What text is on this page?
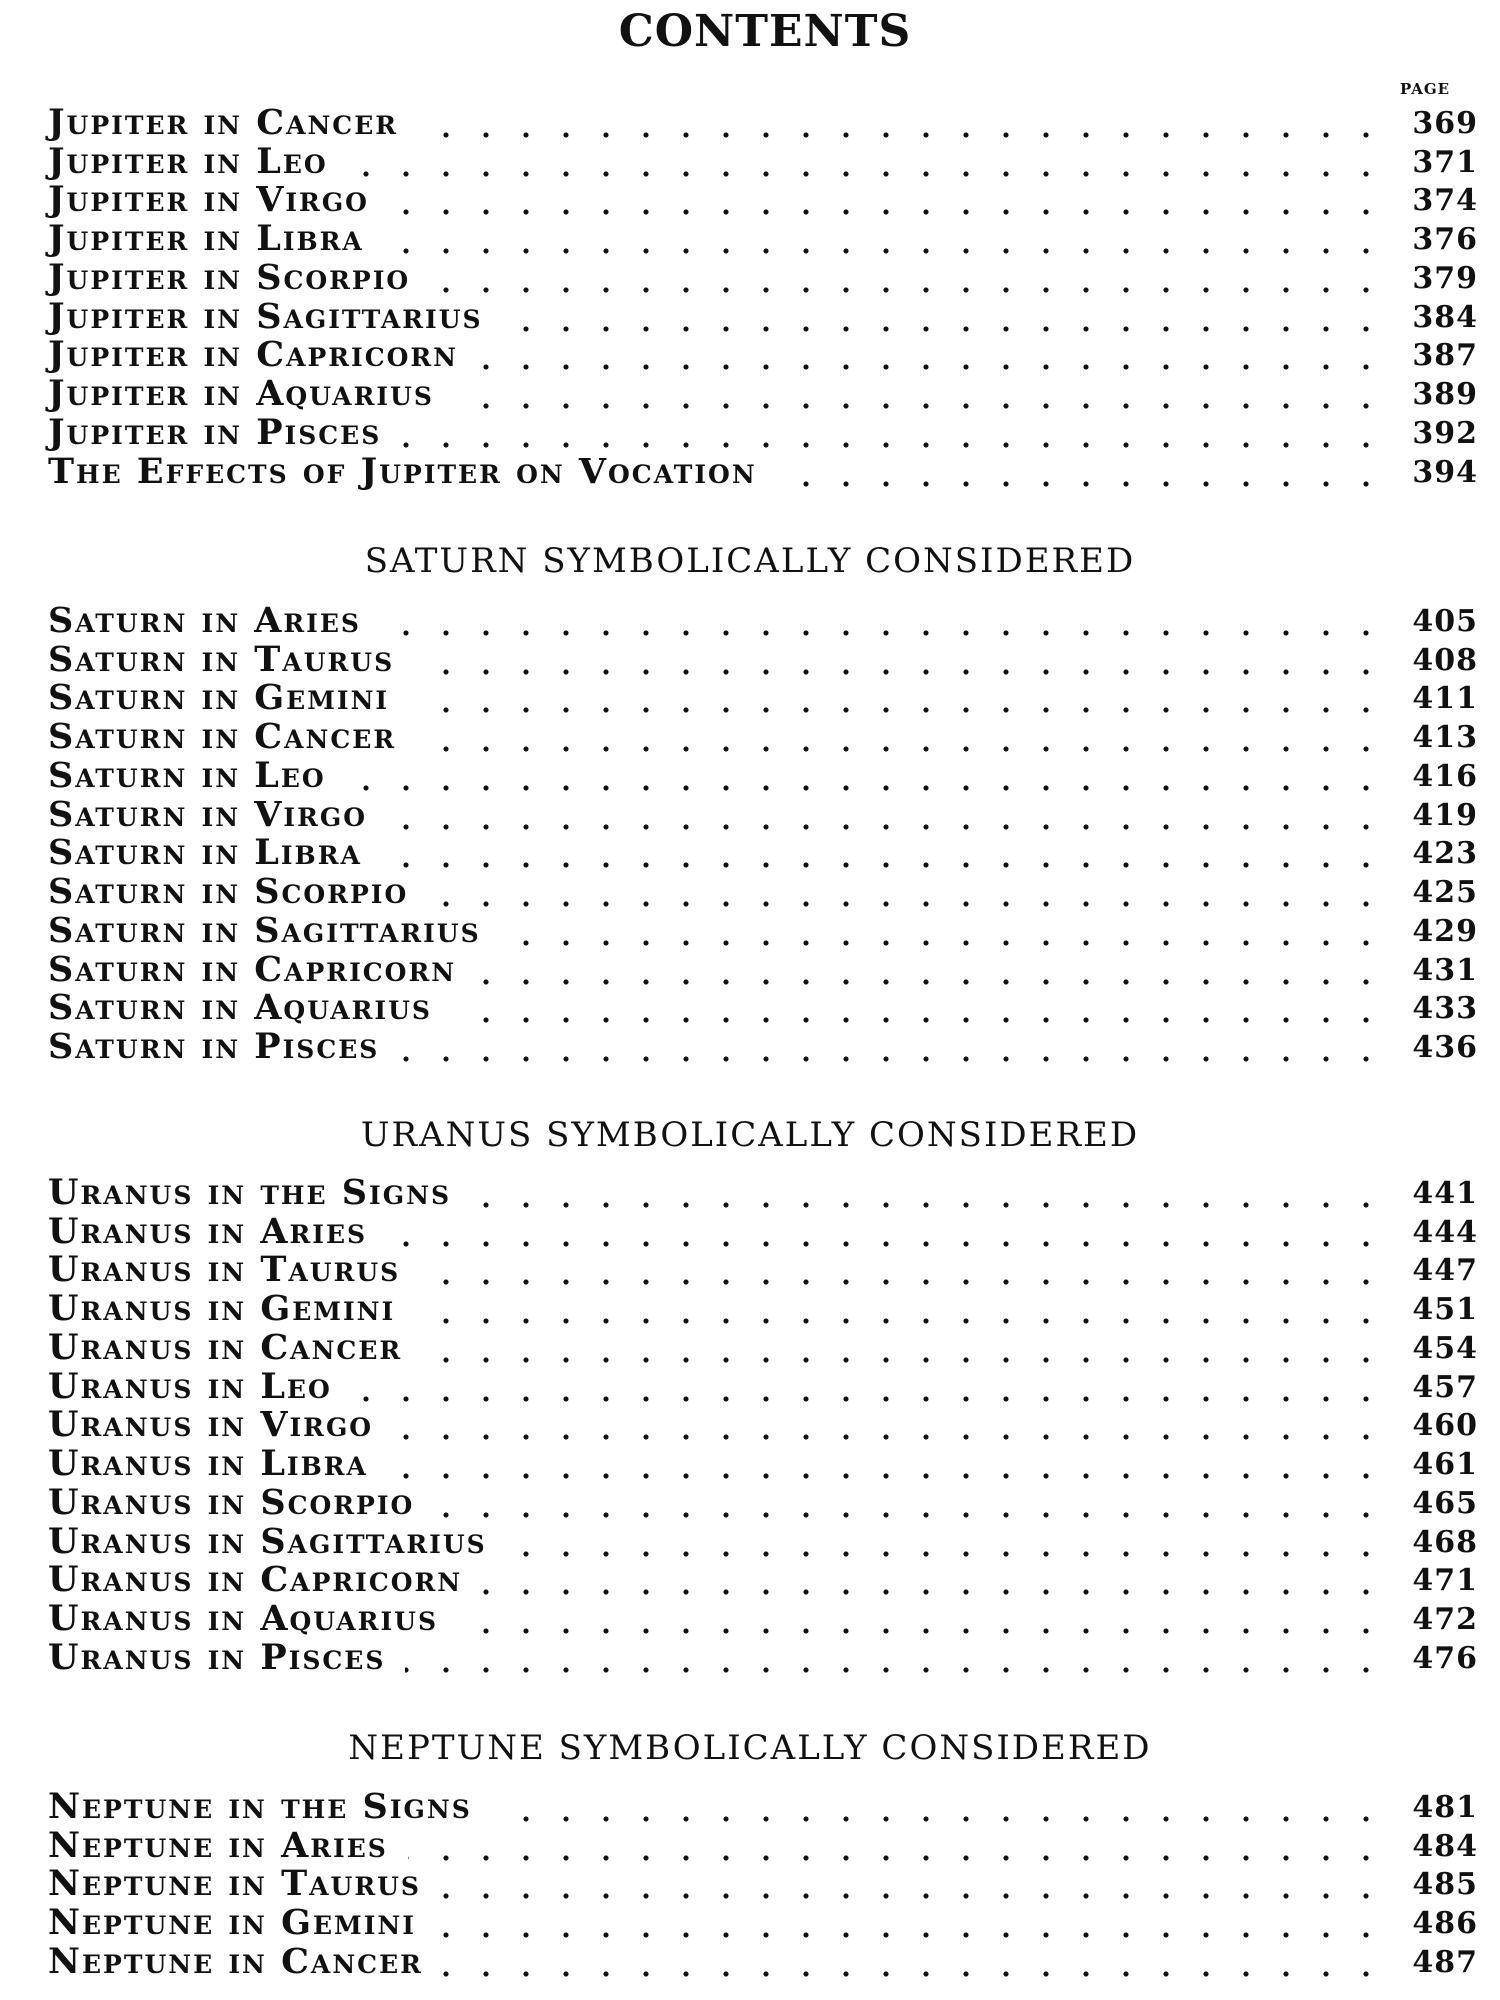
CONTENTS
PAGE
Jupiter in Cancer	369
Jupiter in Leo	371
Jupiter in Virgo	374
Jupiter in Libra	376
Jupiter in Scorpio	379
Jupiter in Sagittarius	384
Jupiter in Capricorn	387
Jupiter in Aquarius	389
Jupiter in Pisces	392
The Effects of Jupiter on Vocation	394
SATURN SYMBOLICALLY CONSIDERED
Saturn in Aries	405
Saturn in Taurus	408
Saturn in Gemini	411
Saturn in Cancer	413
Saturn in Leo	416
Saturn in Virgo	419
Saturn in Libra	423
Saturn in Scorpio	425
Saturn in Sagittarius	429
Saturn in Capricorn	431
Saturn in Aquarius	433
Saturn in Pisces	436
URANUS SYMBOLICALLY CONSIDERED
Uranus in the Signs	441
Uranus in Aries	444
Uranus in Taurus	447
Uranus in Gemini	451
Uranus in Cancer	454
Uranus in Leo	457
Uranus in Virgo	460
Uranus in Libra	461
Uranus in Scorpio	465
Uranus in Sagittarius	468
Uranus in Capricorn	471
Uranus in Aquarius	472
Uranus in Pisces	476
NEPTUNE SYMBOLICALLY CONSIDERED
Neptune in the Signs	481
Neptune in Aries	484
Neptune in Taurus	485
Neptune in Gemini	486
Neptune in Cancer	487
